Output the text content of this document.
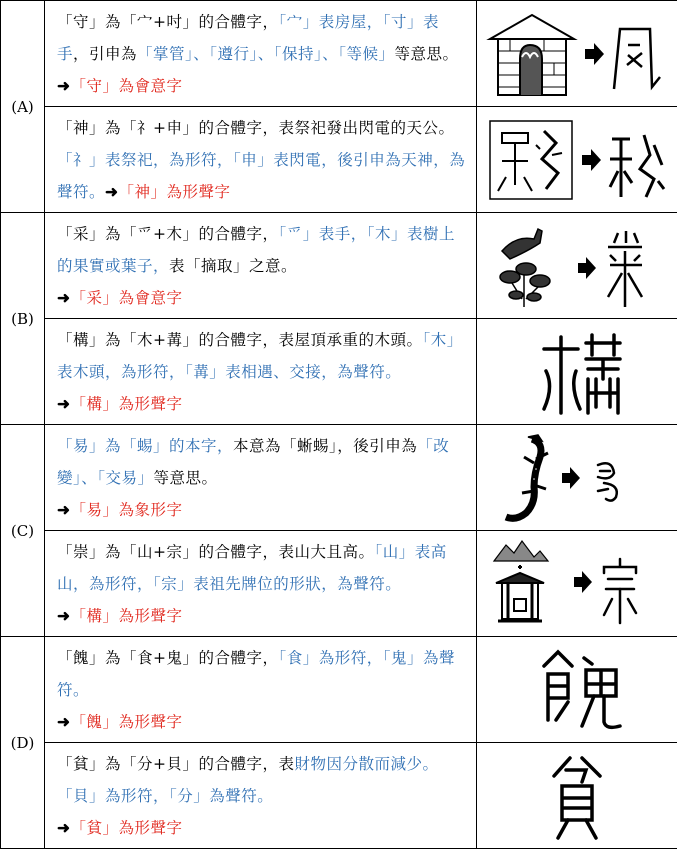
(A)	「守」為「宀+吋」的合體字，「宀」表房屋，「寸」表手，引申為「掌管」、「遵行」、「保持」、「等候」等意思。➜「守」為會意字	

	「神」為「礻+申」的合體字，表祭祀發出閃電的天公。「礻」表祭祀，為形符，「申」表閃電，後引申為天神，為聲符。➜「神」為形聲字	

(B)	「采」為「爫+木」的合體字，「爫」表手，「木」表樹上的果實或葉子，表「摘取」之意。
➜「采」為會意字	

	「構」為「木+冓」的合體字，表屋頂承重的木頭。「木」表木頭，為形符，「冓」表相遇、交接，為聲符。
➜「構」為形聲字	

(C)	「易」為「蜴」的本字，本意為「蜥蜴」，後引申為「改變」、「交易」等意思。
➜「易」為象形字	

	「崇」為「山+宗」的合體字，表山大且高。「山」表高山，為形符，「宗」表祖先牌位的形狀，為聲符。
➜「構」為形聲字	

(D)	「餽」為「食+鬼」的合體字，「食」為形符，「鬼」為聲符。
➜「餽」為形聲字	

	「貧」為「分+貝」的合體字，表財物因分散而減少。「貝」為形符，「分」為聲符。
➜「貧」為形聲字	
